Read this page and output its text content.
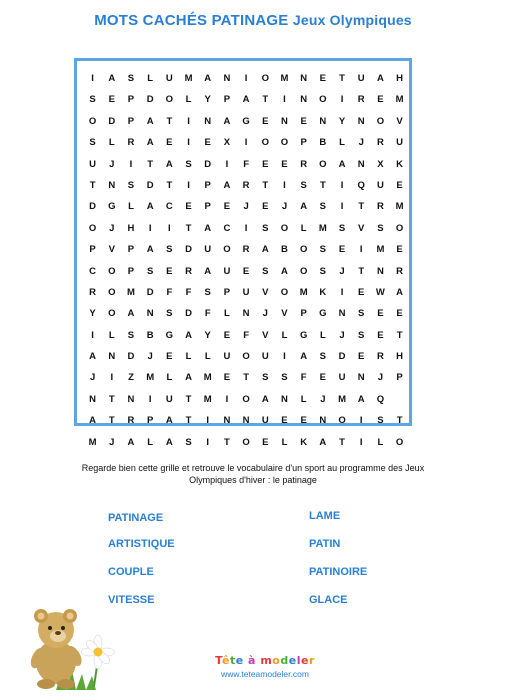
MOTS CACHÉS PATINAGE Jeux Olympiques
I	A	S	L	U	M	A	N	I	O	M	N	E	T	U	A	H
S	E	P	D	O	L	Y	P	A	T	I	N	O	I	R	E	M
O	D	P	A	T	I	N	A	G	E	N	E	N	Y	N	O	V
S	L	R	A	E	I	E	X	I	O	O	P	B	L	J	R	U
U	J	I	T	A	S	D	I	F	E	E	R	O	A	N	X	K
T	N	S	D	T	I	P	A	R	T	I	S	T	I	Q	U	E
D	G	L	A	C	E	P	E	J	E	J	A	S	I	T	R	M
O	J	H	I	I	T	A	C	I	S	O	L	M	S	V	S	O
P	V	P	A	S	D	U	O	R	A	B	O	S	E	I	M	E
C	O	P	S	E	R	A	U	E	S	A	O	S	J	T	N	R
R	O	M	D	F	F	S	P	U	V	O	M	K	I	E	W	A
Y	O	A	N	S	D	F	L	N	J	V	P	G	N	S	E	E
I	L	S	B	G	A	Y	E	F	V	L	G	L	J	S	E	T
A	N	D	J	E	L	L	U	O	U	I	A	S	D	E	R	H
J	I	Z	M	L	A	M	E	T	S	S	F	E	U	N	J	P
N	T	N	I	U	T	M	I	O	A	N	L	J	M	A	Q
A	T	R	P	A	T	I	N	N	U	E	E	N	O	I	S	T
M	J	A	L	A	S	I	T	O	E	L	K	A	T	I	L	O
Regarde bien cette grille et retrouve le vocabulaire d'un sport au programme des Jeux
Olympiques d'hiver : le patinage
PATINAGE
ARTISTIQUE
COUPLE
VITESSE
LAME
PATIN
PATINOIRE
GLACE
Tête à modeler
www.teteamodeler.com
